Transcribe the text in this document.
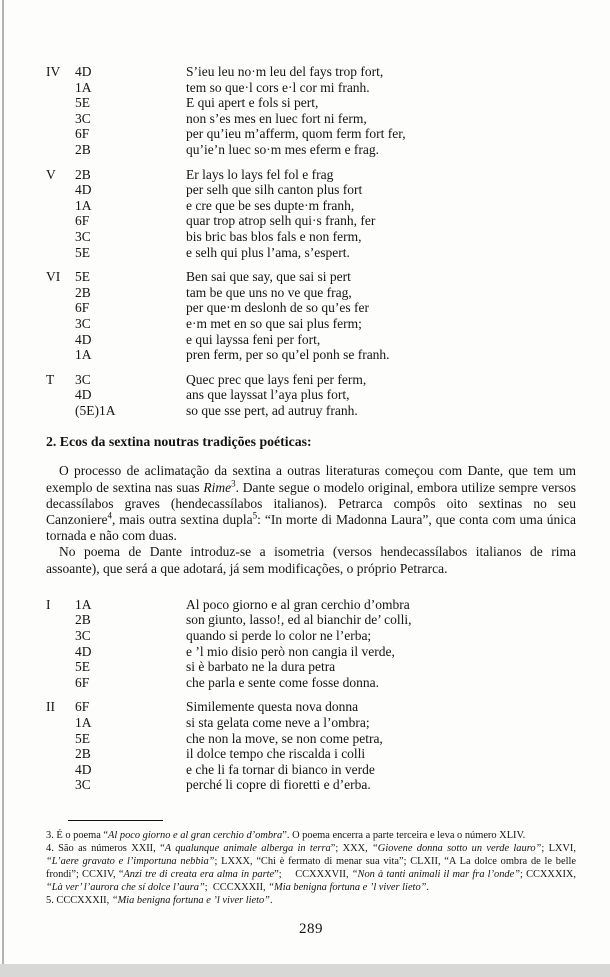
IV	4D	S’ieu leu no·m leu del fays trop fort,
1A	tem so que·l cors e·l cor mi franh.
5E	E qui apert e fols si pert,
3C	non s’es mes en luec fort ni ferm,
6F	per qu’ieu m’afferm, quom ferm fort fer,
2B	qu’ie’n luec so·m mes eferm e frag.
V	2B	Er lays lo lays fel fol e frag
4D	per selh que silh canton plus fort
1A	e cre que be ses dupte·m franh,
6F	quar trop atrop selh qui·s franh, fer
3C	bis bric bas blos fals e non ferm,
5E	e selh qui plus l’ama, s’espert.
VI	5E	Ben sai que say, que sai si pert
2B	tam be que uns no ve que frag,
6F	per que·m deslonh de so qu’es fer
3C	e·m met en so que sai plus ferm;
4D	e qui layssa feni per fort,
1A	pren ferm, per so qu’el ponh se franh.
T	3C	Quec prec que lays feni per ferm,
4D	ans que layssat l’aya plus fort,
(5E)1A	so que sse pert, ad autruy franh.
2. Ecos da sextina noutras tradições poéticas:

O processo de aclimatação da sextina a outras literaturas começou com Dante, que tem um exemplo de sextina nas suas Rime$^3$. Dante segue o modelo original, embora utilize sempre versos decassílabos graves (hendecassílabos italianos). Petrarca compôs oito sextinas no seu Canzoniere$^4$, mais outra sextina dupla$^5$: “In morte di Madonna Laura”, que conta com uma única tornada e não com duas.

No poema de Dante introduz-se a isometria (versos hendecassílabos italianos de rima assoante), que será a que adotará, já sem modificações, o próprio Petrarca.

I	1A	Al poco giorno e al gran cerchio d’ombra
2B	son giunto, lasso!, ed al bianchir de’ colli,
3C	quando si perde lo color ne l’erba;
4D	e ’l mio disio però non cangia il verde,
5E	si è barbato ne la dura petra
6F	che parla e sente come fosse donna.
II	6F	Similemente questa nova donna
1A	si sta gelata come neve a l’ombra;
5E	che non la move, se non come petra,
2B	il dolce tempo che riscalda i colli
4D	e che li fa tornar di bianco in verde
3C	perché li copre di fioretti e d’erba.

3. É o poema “Al poco giorno e al gran cerchio d’ombra”. O poema encerra a parte terceira e leva o número XLIV.

4. São as números XXII, “A qualunque animale alberga in terra”; XXX, “Giovene donna sotto un verde lauro”; LXVI, “L’aere gravato e l’importuna nebbia”; LXXX, “Chi è fermato di menar sua vita”; CLXII, “A La dolce ombra de le belle frondi”; CCXIV, “Anzi tre di creata era alma in parte”;  CCXXXVII, “Non à tanti animali il mar fra l’onde”; CCXXXIX, “Là ver’ l’aurora che sí dolce l’aura”; CCCXXXII, “Mia benigna fortuna e ’l viver lieto”.

5. CCCXXXII, “Mia benigna fortuna e ’l viver lieto”.

289
